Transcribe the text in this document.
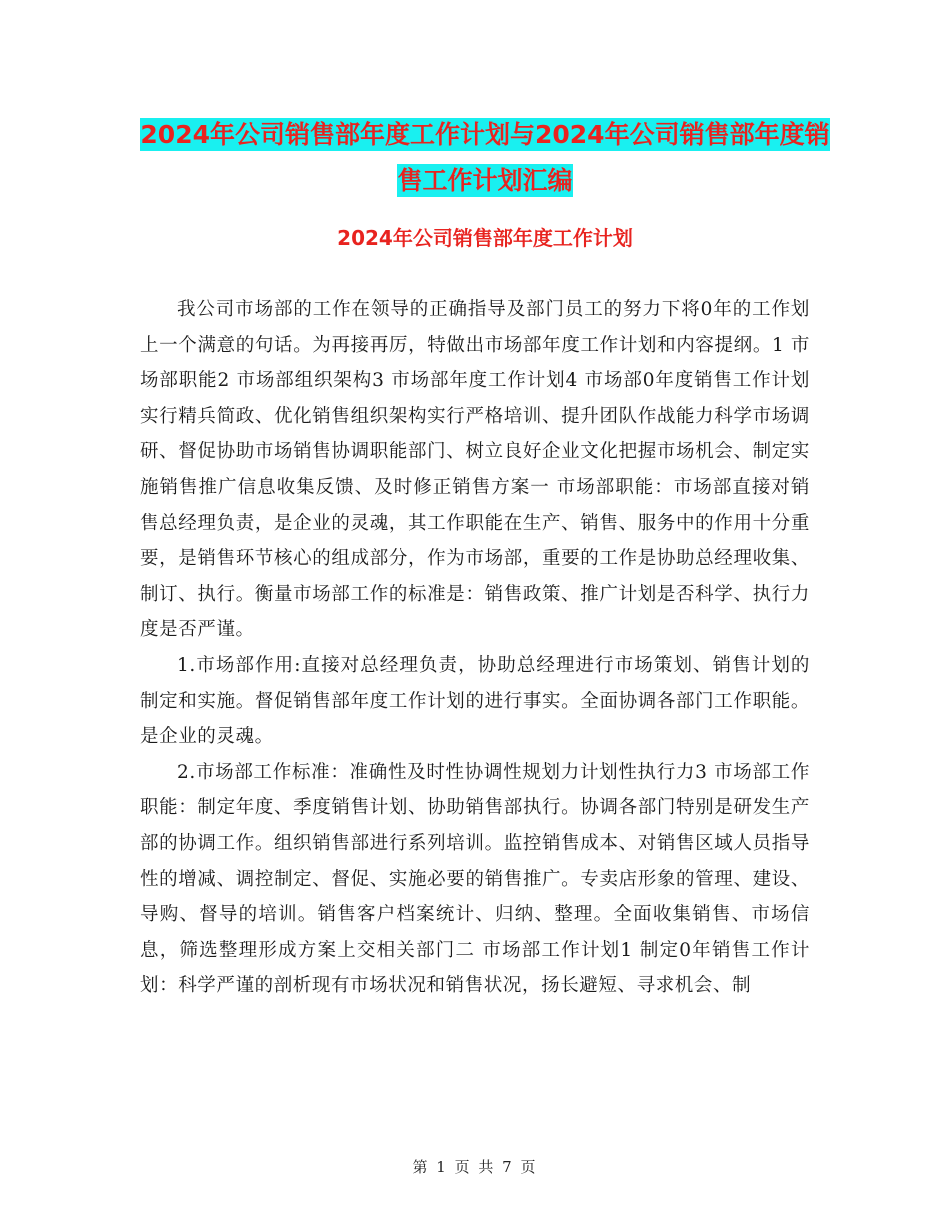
2024年公司销售部年度工作计划与2024年公司销售部年度销售工作计划汇编
2024年公司销售部年度工作计划

我公司市场部的工作在领导的正确指导及部门员工的努力下将0年的工作划上一个满意的句话。为再接再厉，特做出市场部年度工作计划和内容提纲。1 市场部职能2 市场部组织架构3 市场部年度工作计划4 市场部0年度销售工作计划实行精兵简政、优化销售组织架构实行严格培训、提升团队作战能力科学市场调研、督促协助市场销售协调职能部门、树立良好企业文化把握市场机会、制定实施销售推广信息收集反馈、及时修正销售方案一 市场部职能：市场部直接对销售总经理负责，是企业的灵魂，其工作职能在生产、销售、服务中的作用十分重要，是销售环节核心的组成部分，作为市场部，重要的工作是协助总经理收集、制订、执行。衡量市场部工作的标准是：销售政策、推广计划是否科学、执行力度是否严谨。

1.市场部作用:直接对总经理负责，协助总经理进行市场策划、销售计划的制定和实施。督促销售部年度工作计划的进行事实。全面协调各部门工作职能。是企业的灵魂。

2.市场部工作标准：准确性及时性协调性规划力计划性执行力3 市场部工作职能：制定年度、季度销售计划、协助销售部执行。协调各部门特别是研发生产部的协调工作。组织销售部进行系列培训。监控销售成本、对销售区域人员指导性的增减、调控制定、督促、实施必要的销售推广。专卖店形象的管理、建设、导购、督导的培训。销售客户档案统计、归纳、整理。全面收集销售、市场信息，筛选整理形成方案上交相关部门二 市场部工作计划1 制定0年销售工作计划：科学严谨的剖析现有市场状况和销售状况，扬长避短、寻求机会、制

第 1 页 共 7 页
